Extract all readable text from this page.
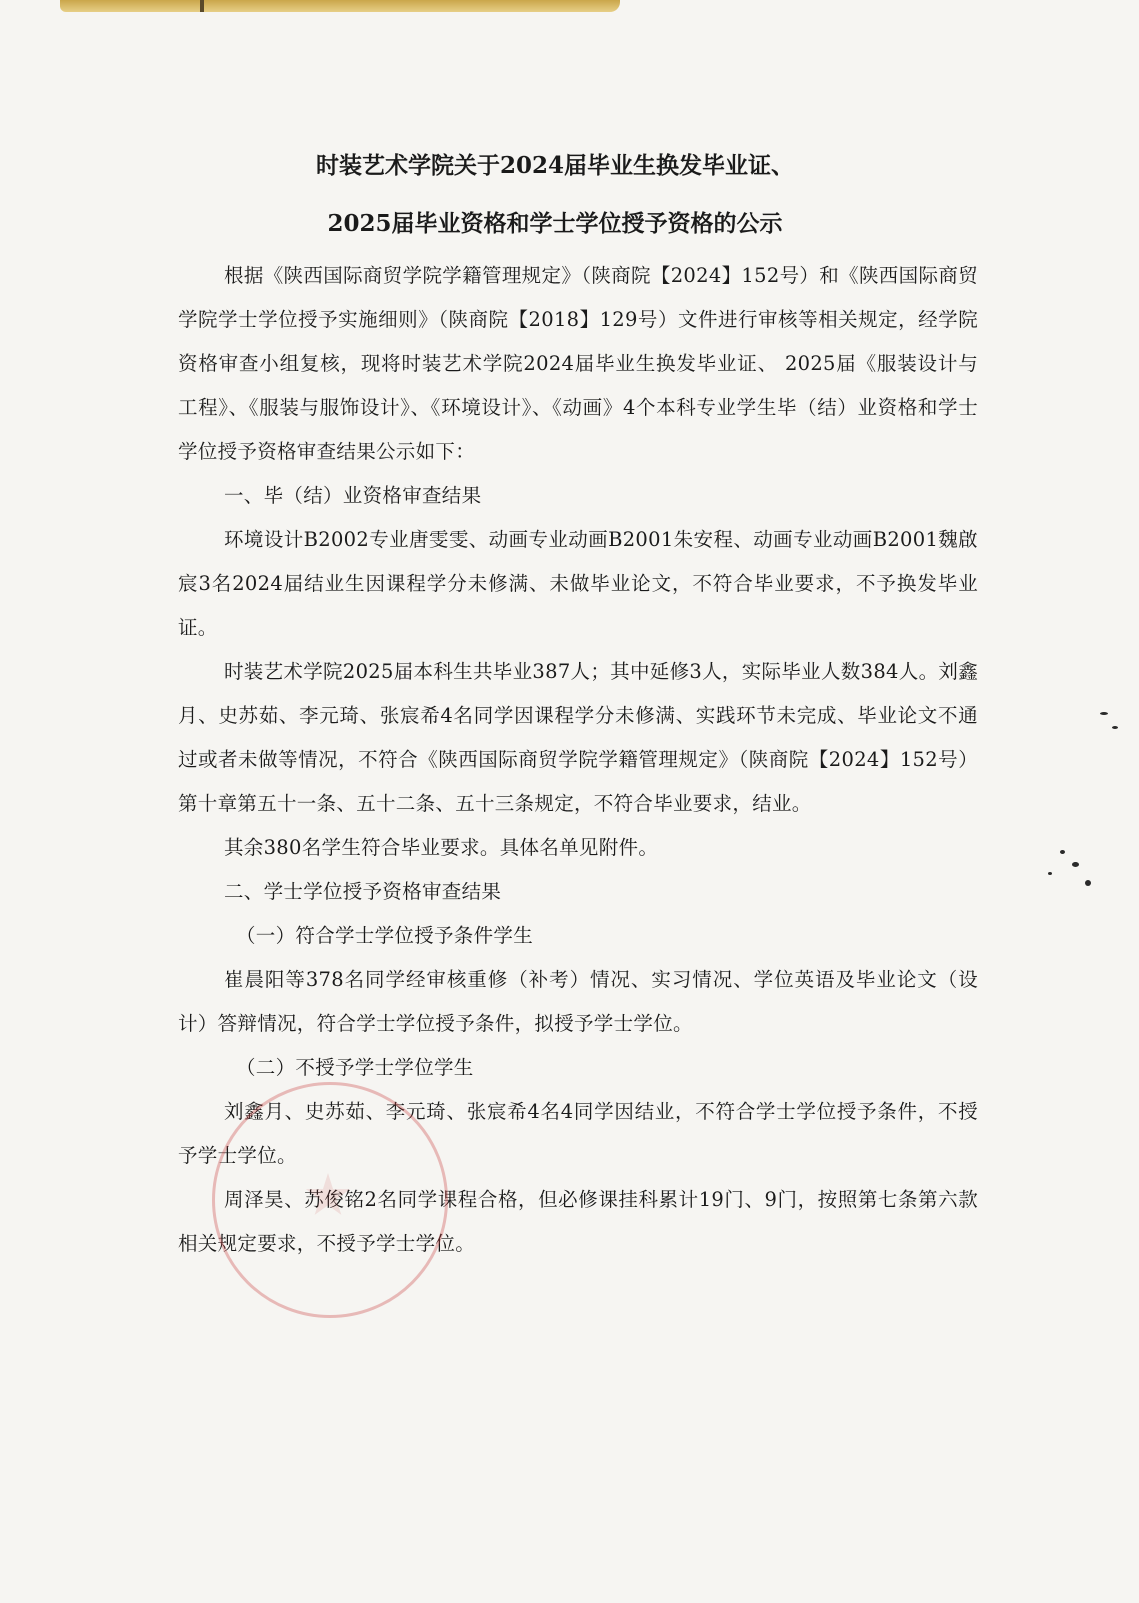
时装艺术学院关于2024届毕业生换发毕业证、
2025届毕业资格和学士学位授予资格的公示

根据《陕西国际商贸学院学籍管理规定》（陕商院【2024】152号）和《陕西国际商贸学院学士学位授予实施细则》（陕商院【2018】129号）文件进行审核等相关规定，经学院资格审查小组复核，现将时装艺术学院2024届毕业生换发毕业证、 2025届《服装设计与工程》、《服装与服饰设计》、《环境设计》、《动画》4个本科专业学生毕（结）业资格和学士学位授予资格审查结果公示如下：

一、毕（结）业资格审查结果

环境设计B2002专业唐雯雯、动画专业动画B2001朱安程、动画专业动画B2001魏啟宸3名2024届结业生因课程学分未修满、未做毕业论文，不符合毕业要求，不予换发毕业证。

时装艺术学院2025届本科生共毕业387人；其中延修3人，实际毕业人数384人。刘鑫月、史苏茹、李元琦、张宸希4名同学因课程学分未修满、实践环节未完成、毕业论文不通过或者未做等情况，不符合《陕西国际商贸学院学籍管理规定》（陕商院【2024】152号）第十章第五十一条、五十二条、五十三条规定，不符合毕业要求，结业。

其余380名学生符合毕业要求。具体名单见附件。

二、学士学位授予资格审查结果

（一）符合学士学位授予条件学生

崔晨阳等378名同学经审核重修（补考）情况、实习情况、学位英语及毕业论文（设计）答辩情况，符合学士学位授予条件，拟授予学士学位。

（二）不授予学士学位学生

刘鑫月、史苏茹、李元琦、张宸希4名4同学因结业，不符合学士学位授予条件，不授予学士学位。

周泽昊、苏俊铭2名同学课程合格，但必修课挂科累计19门、9门，按照第七条第六款相关规定要求，不授予学士学位。
